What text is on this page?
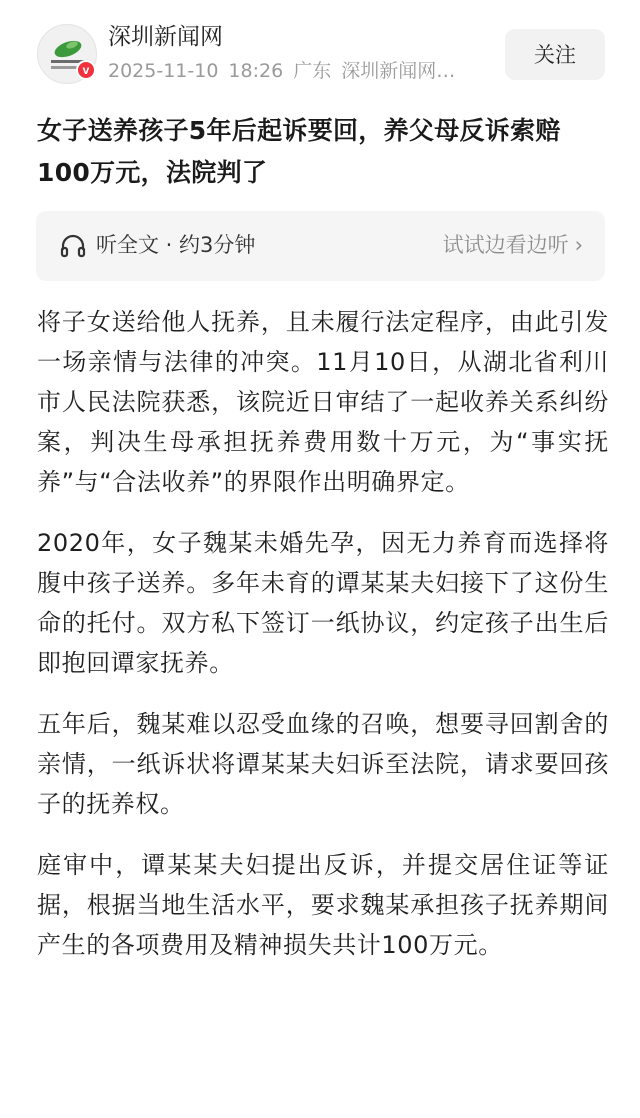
v
深圳新闻网
2025-11-10 18:26 广东 深圳新闻网…
关注
女子送养孩子5年后起诉要回，养父母反诉索赔100万元，法院判了
听全文 · 约3分钟	试试边看边听 ›

将子女送给他人抚养，且未履行法定程序，由此引发一场亲情与法律的冲突。11月10日，从湖北省利川市人民法院获悉，该院近日审结了一起收养关系纠纷案，判决生母承担抚养费用数十万元，为“事实抚养”与“合法收养”的界限作出明确界定。

2020年，女子魏某未婚先孕，因无力养育而选择将腹中孩子送养。多年未育的谭某某夫妇接下了这份生命的托付。双方私下签订一纸协议，约定孩子出生后即抱回谭家抚养。

五年后，魏某难以忍受血缘的召唤，想要寻回割舍的亲情，一纸诉状将谭某某夫妇诉至法院，请求要回孩子的抚养权。

庭审中，谭某某夫妇提出反诉，并提交居住证等证据，根据当地生活水平，要求魏某承担孩子抚养期间产生的各项费用及精神损失共计100万元。
